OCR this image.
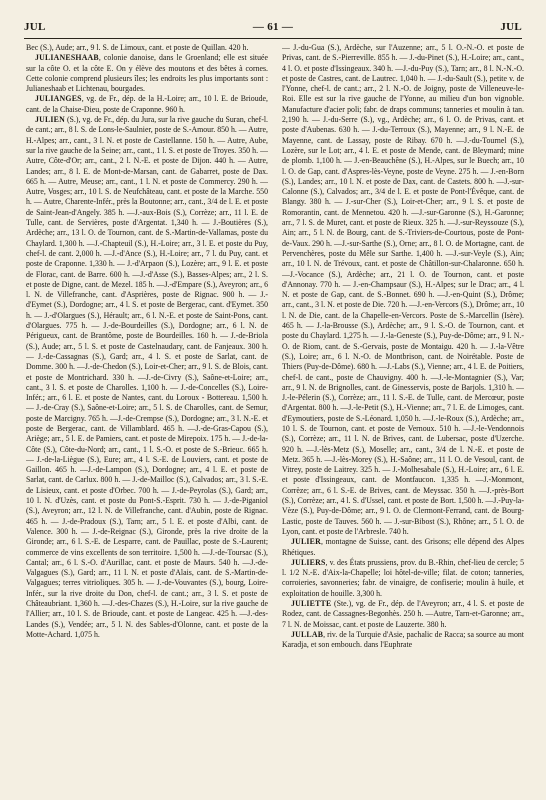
JUL	— 61 —	JUL

Bec (S.), Aude; arr., 9 l. S. de Limoux, cant. et poste de Quillan. 420 h.

JULIANESHAAB, colonie danoise, dans le Groenland; elle est située sur la côte O. et la côte E. On y élève des moutons et des bêtes à cornes. Cette colonie comprend plusieurs îles; les endroits les plus importants sont : Julianeshaab et Lichtenau, bourgades.

JULIANGES, vg. de Fr., dép. de la H.-Loire; arr., 10 l. E. de Brioude, cant. de la Chaise-Dieu, poste de Craponne. 960 h.

JULIEN (S.), vg. de Fr., dép. du Jura, sur la rive gauche du Suran, chef-l. de cant.; arr., 8 l. S. de Lons-le-Saulnier, poste de S.-Amour. 850 h. — Autre, H.-Alpes; arr., cant., 3 l. N. et poste de Castellanne. 150 h. — Autre, Aube, sur la rive gauche de la Seine; arr., cant., 1 l. S. et poste de Troyes. 350 h. — Autre, Côte-d'Or; arr., cant., 2 l. N.-E. et poste de Dijon. 440 h. — Autre, Landes; arr., 8 l. E. de Mont-de-Marsan, cant. de Gabarret, poste de Dax. 665 h. — Autre, Meuse; arr., cant., 1 l. N. et poste de Commercy. 290 h. — Autre, Vosges; arr., 10 l. S. de Neufchâteau, cant. et poste de la Marche. 550 h. — Autre, Charente-Infér., près la Boutonne; arr., cant., 3/4 de l. E. et poste de Saint-Jean-d'Angely. 385 h. —J.-aux-Bois (S.), Corrèze; arr., 11 l. E. de Tulle, cant. de Servières, poste d'Argentat. 1,340 h. — J.-Boutières (S.), Ardèche; arr., 13 l. O. de Tournon, cant. de S.-Martin-de-Vallamas, poste du Chaylard. 1,300 h. —J.-Chapteuil (S.), H.-Loire; arr., 3 l. E. et poste du Puy, chef-l. de cant. 2,000 h. —J.-d'Ance (S.), H.-Loire; arr., 7 l. du Puy, cant. et poste de Craponne. 1,330 h. — J.-d'Arpaon (S.), Lozère; arr., 9 l. E. et poste de Florac, cant. de Barre. 600 h. —J.-d'Asse (S.), Basses-Alpes; arr., 2 l. S. et poste de Digne, cant. de Mezel. 185 h. —J.-d'Empare (S.), Aveyron; arr., 6 l. N. de Villefranche, cant. d'Asprières, poste de Rignac. 900 h. — J.-d'Eymet (S.), Dordogne; arr., 4 l. S. et poste de Bergerac, cant. d'Eymet. 350 h. — J.-d'Olargues (S.), Hérault; arr., 6 l. N.-E. et poste de Saint-Pons, cant. d'Olargues. 775 h. — J.-de-Bourdeilles (S.), Dordogne; arr., 6 l. N. de Périgueux, cant. de Brantôme, poste de Bourdeilles. 160 h. — J.-de-Briola (S.), Aude; arr., 5 l. S. et poste de Castelnaudary, cant. de Fanjeaux. 300 h. — J.-de-Cassagnas (S.), Gard; arr., 4 l. S. et poste de Sarlat, cant. de Domme. 300 h. —J.-de-Chedon (S.), Loir-et-Cher; arr., 9 l. S. de Blois, cant. et poste de Montrichard. 330 h. —J.-de-Civry (S.), Saône-et-Loire; arr., cant., 3 l. S. et poste de Charolles. 1,100 h. — J.-de-Concelles (S.), Loire-Infér.; arr., 6 l. E. et poste de Nantes, cant. du Loroux - Bottereau. 1,500 h. — J.-de-Cray (S.), Saône-et-Loire; arr., 5 l. S. de Charolles, cant. de Semur, poste de Marcigny. 765 h. —J.-de-Crempse (S.), Dordogne; arr., 3 l. N.-E. et poste de Bergerac, cant. de Villamblard. 465 h. —J.-de-Gras-Capou (S.), Ariège; arr., 5 l. E. de Pamiers, cant. et poste de Mirepoix. 175 h. — J.-de-la-Côte (S.), Côte-du-Nord; arr., cant., 1 l. S.-O. et poste de S.-Brieuc. 665 h. — J.-de-la-Liègue (S.), Eure; arr., 4 l. S.-E. de Louviers, cant. et poste de Gaillon. 465 h. —J.-de-Lampon (S.), Dordogne; arr., 4 l. E. et poste de Sarlat, cant. de Carlux. 800 h. — J.-de-Mailloc (S.), Calvados; arr., 3 l. S.-E. de Lisieux, cant. et poste d'Orbec. 700 h. — J.-de-Peyrolas (S.), Gard; arr., 10 l. N. d'Uzès, cant. et poste du Pont-S.-Esprit. 730 h. — J.-de-Piganiol (S.), Aveyron; arr., 12 l. N. de Villefranche, cant. d'Aubin, poste de Rignac. 465 h. — J.-de-Pradoux (S.), Tarn; arr., 5 l. E. et poste d'Albi, cant. de Valence. 300 h. — J.-de-Reignac (S.), Gironde, près la rive droite de la Gironde; arr., 6 l. S.-E. de Lesparre, cant. de Pauillac, poste de S.-Laurent; commerce de vins excellents de son territoire. 1,500 h. —J.-de-Toursac (S.), Cantal; arr., 6 l. S.-O. d'Aurillac, cant. et poste de Maurs. 540 h. —J.-de-Valgagues (S.), Gard; arr., 11 l. N. et poste d'Alais, cant. de S.-Martin-de-Valgagues; terres vitrioliques. 305 h. — J.-de-Vouvantes (S.), bourg, Loire-Infér., sur la rive droite du Don, chef-l. de cant.; arr., 3 l. S. et poste de Châteaubriant. 1,360 h. —J.-des-Chazes (S.), H.-Loire, sur la rive gauche de l'Allier; arr., 10 l. S. de Brioude, cant. et poste de Langeac. 425 h. —J.-des-Landes (S.), Vendée; arr., 5 l. N. des Sables-d'Olonne, cant. et poste de la Motte-Achard. 1,075 h.

— J.-du-Gua (S.), Ardèche, sur l'Auzenne; arr., 5 l. O.-N.-O. et poste de Privas, cant. de S.-Pierreville. 855 h. — J.-du-Pinet (S.), H.-Loire; arr., cant., 4 l. O. et poste d'Issingeaux. 340 h. —J.-du-Puy (S.), Tarn; arr., 8 l. N.-N.-O. et poste de Castres, cant. de Lautrec. 1,040 h. — J.-du-Sault (S.), petite v. de l'Yonne, chef-l. de cant.; arr., 2 l. N.-O. de Joigny, poste de Villeneuve-le-Roi. Elle est sur la rive gauche de l'Yonne, au milieu d'un bon vignoble. Manufacture d'acier poli; fabr. de draps communs; tanneries et moulin à tan. 2,190 h. — J.-du-Serre (S.), vg., Ardèche; arr., 6 l. O. de Privas, cant. et poste d'Aubenas. 630 h. — J.-du-Terroux (S.), Mayenne; arr., 9 l. N.-E. de Mayenne, cant. de Lassay, poste de Ribay. 670 h. —J.-du-Tournel (S.), Lozère, sur le Lot; arr., 4 l. E. et poste de Mende, cant. de Bleymard; mine de plomb. 1,100 h. — J.-en-Beauchêne (S.), H.-Alpes, sur le Buech; arr., 10 l. O. de Gap, cant. d'Aspres-lès-Veyne, poste de Veyne. 275 h. — J.-en-Born (S.), Landes; arr., 10 l. N. et poste de Dax, cant. de Castets. 800 h. —J.-sur-Calonne (S.), Calvados; arr., 3/4 de l. E. et poste de Pont-l'Évêque, cant. de Blangy. 380 h. — J.-sur-Cher (S.), Loir-et-Cher; arr., 9 l. S. et poste de Romorantin, cant. de Mennetou. 420 h. —J.-sur-Garonne (S.), H.-Garonne; arr., 7 l. S. de Muret, cant. et poste de Rieux. 325 h. —J.-sur-Reyssouze (S.), Ain; arr., 5 l. N. de Bourg, cant. de S.-Triviers-de-Courtous, poste de Pont-de-Vaux. 290 h. —J.-sur-Sarthe (S.), Orne; arr., 8 l. O. de Mortagne, cant. de Pervenchères, poste du Mêle sur Sarthe. 1,400 h. —J.-sur-Veyle (S.), Ain; arr., 10 l. N. de Trévoux, cant. et poste de Châtillon-sur-Chalaronne. 650 h. —J.-Vocance (S.), Ardèche; arr., 21 l. O. de Tournon, cant. et poste d'Annonay. 770 h. — J.-en-Champsaur (S.), H.-Alpes; sur le Drac; arr., 4 l. N. et poste de Gap, cant. de S.-Bonnet. 690 h. —J.-en-Quint (S.), Drôme; arr., cant., 3 l. N. et poste de Die. 720 h. —J.-en-Vercors (S.), Drôme; arr., 10 l. N. de Die, cant. de la Chapelle-en-Vercors. Poste de S.-Marcellin (Isère). 465 h. — J.-la-Brousse (S.), Ardèche; arr., 9 l. S.-O. de Tournon, cant. et poste du Chaylard. 1,275 h. — J.-la-Geneste (S.), Puy-de-Dôme; arr., 9 l. N.-O. de Riom, cant. de S.-Gervais, poste de Montaigu. 420 h. — J.-la-Vêtre (S.), Loire; arr., 6 l. N.-O. de Montbrison, cant. de Noirétable. Poste de Thiers (Puy-de-Dôme). 680 h. —J.-Labs (S.), Vienne; arr., 4 l. E. de Poitiers, chef-l. de cant., poste de Chauvigny. 400 h. —J.-le-Montagnier (S.), Var; arr., 9 l. N. de Brignolles, cant. de Ginesservis, poste de Barjols. 1,310 h. — J.-le-Pélerin (S.), Corrèze; arr., 11 l. S.-E. de Tulle, cant. de Mercœur, poste d'Argentat. 800 h. —J.-le-Petit (S.), H.-Vienne; arr., 7 l. E. de Limoges, cant. d'Eymoutiers, poste de S.-Léonard. 1,050 h. —J.-le-Roux (S.), Ardèche; arr., 10 l. S. de Tournon, cant. et poste de Vernoux. 510 h. —J.-le-Vendonnois (S.), Corrèze; arr., 11 l. N. de Brives, cant. de Lubersac, poste d'Uzerche. 920 h. —J.-lès-Metz (S.), Moselle; arr., cant., 3/4 de l. N.-E. et poste de Metz. 365 h. —J.-lès-Morey (S.), H.-Saône; arr., 11 l. O. de Vesoul, cant. de Vitrey, poste de Laitrey. 325 h. — J.-Molhesabale (S.), H.-Loire; arr., 6 l. E. et poste d'Issingeaux, cant. de Montfaucon. 1,335 h. —J.-Monmont, Corrèze; arr., 6 l. S.-E. de Brives, cant. de Meyssac. 350 h. —J.-près-Bort (S.), Corrèze; arr., 4 l. S. d'Ussel, cant. et poste de Bort. 1,500 h. —J.-Puy-la-Vèze (S.), Puy-de-Dôme; arr., 9 l. O. de Clermont-Ferrand, cant. de Bourg-Lastic, poste de Tauves. 560 h. — J.-sur-Bibost (S.), Rhône; arr., 5 l. O. de Lyon, cant. et poste de l'Arbresle. 740 h.

JULIER, montagne de Suisse, cant. des Grisons; elle dépend des Alpes Rhétiques.

JULIERS, v. des États prussiens, prov. du B.-Rhin, chef-lieu de cercle; 5 l. 1/2 N.-E. d'Aix-la-Chapelle; loi hôtel-de-ville; filat. de coton; tanneries, corroieries, savonneries; fabr. de vinaigre, de confiserie; moulin à huile, et exploitation de houille. 3,300 h.

JULIETTE (Ste.), vg. de Fr., dép. de l'Aveyron; arr., 4 l. S. et poste de Rodez, cant. de Cassagnes-Begonhès. 250 h. —Autre, Tarn-et-Garonne; arr., 7 l. N. de Moissac, cant. et poste de Lauzerte. 380 h.

JULLAB, riv. de la Turquie d'Asie, pachalic de Racca; sa source au mont Karadja, et son embouch. dans l'Euphrate
